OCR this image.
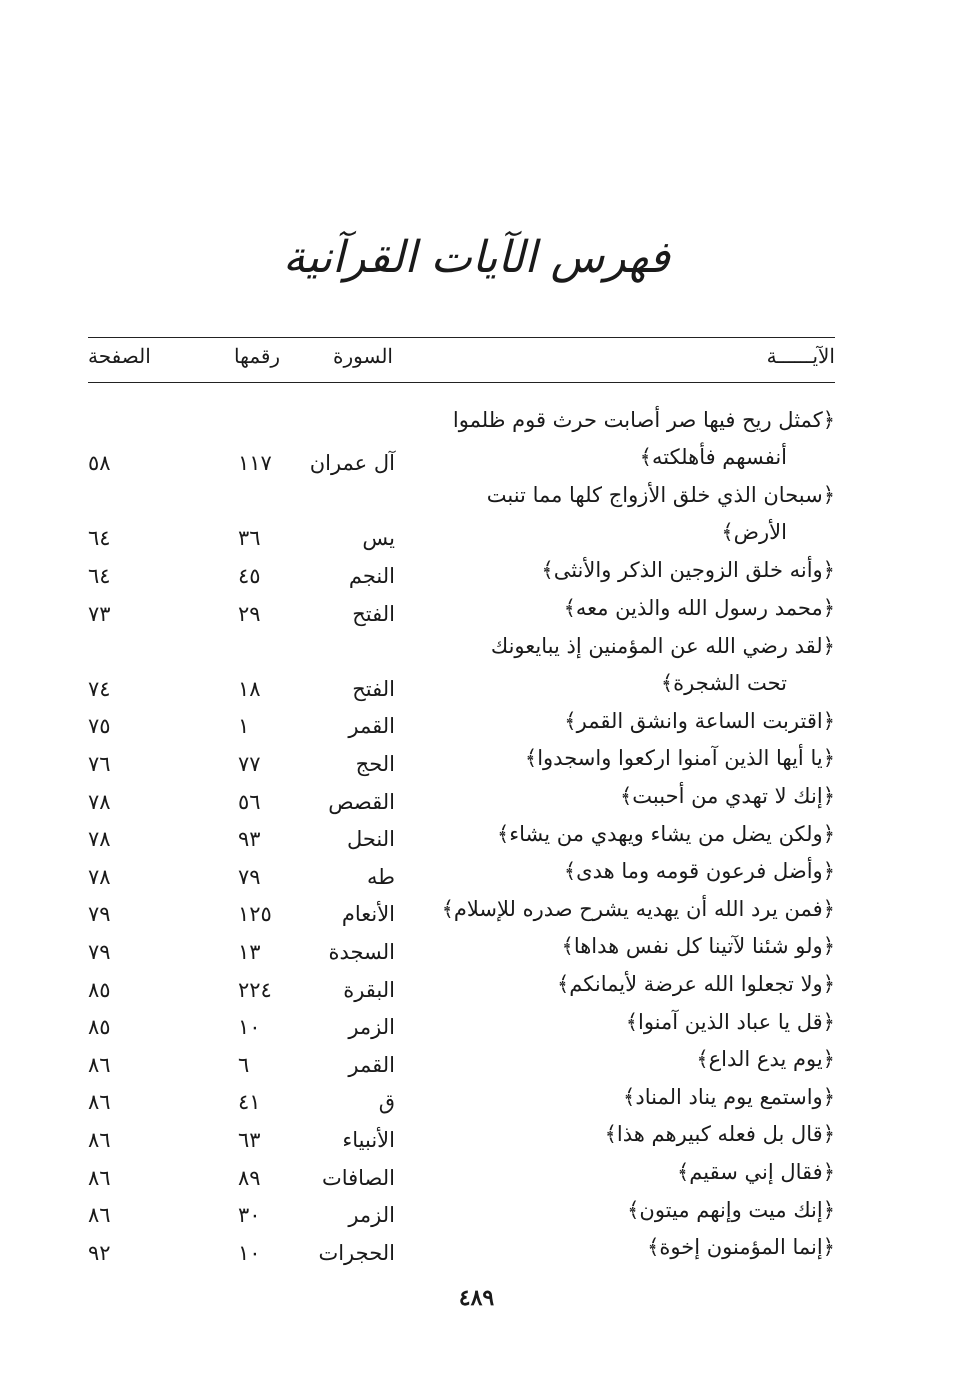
فهرس الآيات القرآنية
الآيــــــة
السورة
رقمها
الصفحة
﴿كمثل ريح فيها صر أصابت حرث قوم ظلموا
أنفسهم فأهلكته﴾
آل عمران
١١٧
٥٨
﴿سبحان الذي خلق الأزواج كلها مما تنبت
الأرض﴾
يس
٣٦
٦٤
﴿وأنه خلق الزوجين الذكر والأنثى﴾
النجم
٤٥
٦٤
﴿محمد رسول الله والذين معه﴾
الفتح
٢٩
٧٣
﴿لقد رضي الله عن المؤمنين إذ يبايعونك
تحت الشجرة﴾
الفتح
١٨
٧٤
﴿اقتربت الساعة وانشق القمر﴾
القمر
١
٧٥
﴿يا أيها الذين آمنوا اركعوا واسجدوا﴾
الحج
٧٧
٧٦
﴿إنك لا تهدي من أحببت﴾
القصص
٥٦
٧٨
﴿ولكن يضل من يشاء ويهدي من يشاء﴾
النحل
٩٣
٧٨
﴿وأضل فرعون قومه وما هدى﴾
طه
٧٩
٧٨
﴿فمن يرد الله أن يهديه يشرح صدره للإسلام﴾
الأنعام
١٢٥
٧٩
﴿ولو شئنا لآتينا كل نفس هداها﴾
السجدة
١٣
٧٩
﴿ولا تجعلوا الله عرضة لأيمانكم﴾
البقرة
٢٢٤
٨٥
﴿قل يا عباد الذين آمنوا﴾
الزمر
١٠
٨٥
﴿يوم يدع الداع﴾
القمر
٦
٨٦
﴿واستمع يوم يناد المناد﴾
ق
٤١
٨٦
﴿قال بل فعله كبيرهم هذا﴾
الأنبياء
٦٣
٨٦
﴿فقال إني سقيم﴾
الصافات
٨٩
٨٦
﴿إنك ميت وإنهم ميتون﴾
الزمر
٣٠
٨٦
﴿إنما المؤمنون إخوة﴾
الحجرات
١٠
٩٢
٤٨٩
